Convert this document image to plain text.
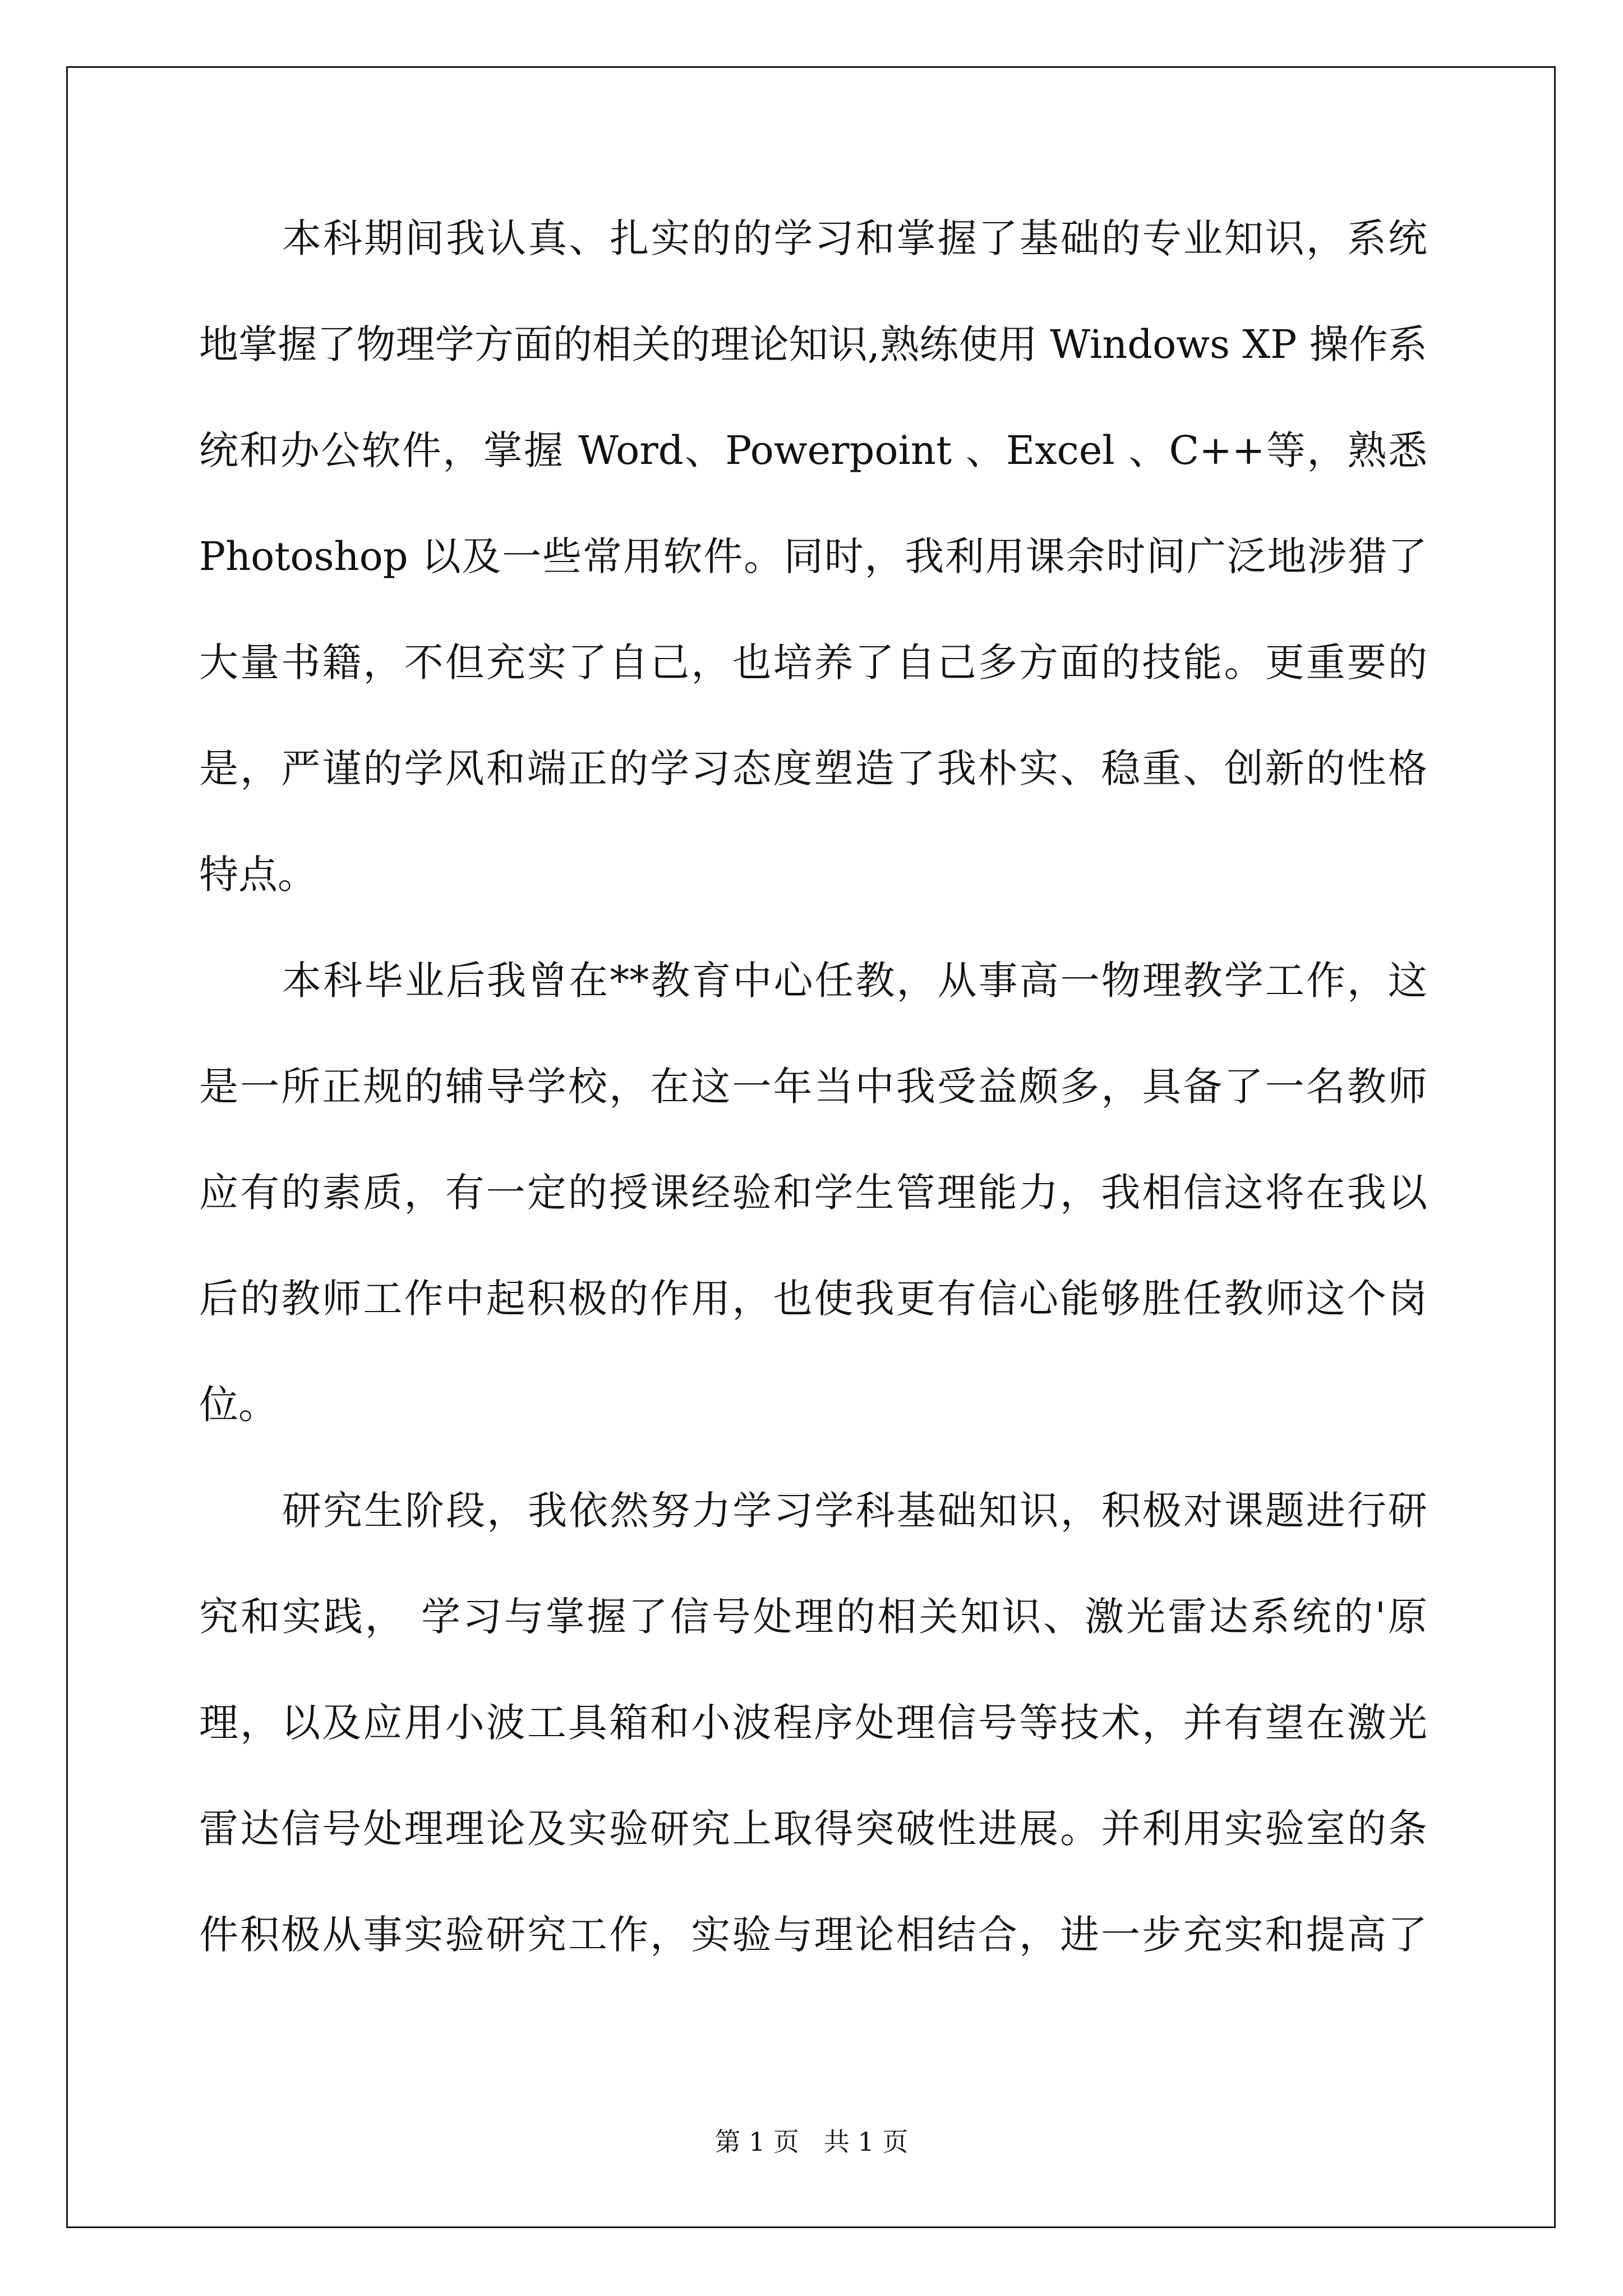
本科期间我认真、扎实的的学习和掌握了基础的专业知识，系统
地掌握了物理学方面的相关的理论知识,熟练使用 Windows XP 操作系
统和办公软件，掌握 Word、Powerpoint 、Excel 、C++等，熟悉
Photoshop 以及一些常用软件。同时，我利用课余时间广泛地涉猎了
大量书籍，不但充实了自己，也培养了自己多方面的技能。更重要的
是，严谨的学风和端正的学习态度塑造了我朴实、稳重、创新的性格
特点。
本科毕业后我曾在**教育中心任教，从事高一物理教学工作，这
是一所正规的辅导学校，在这一年当中我受益颇多，具备了一名教师
应有的素质，有一定的授课经验和学生管理能力，我相信这将在我以
后的教师工作中起积极的作用，也使我更有信心能够胜任教师这个岗
位。
研究生阶段，我依然努力学习学科基础知识，积极对课题进行研
究和实践， 学习与掌握了信号处理的相关知识、激光雷达系统的'原
理，以及应用小波工具箱和小波程序处理信号等技术，并有望在激光
雷达信号处理理论及实验研究上取得突破性进展。并利用实验室的条
件积极从事实验研究工作，实验与理论相结合，进一步充实和提高了
第 1 页   共 1 页
